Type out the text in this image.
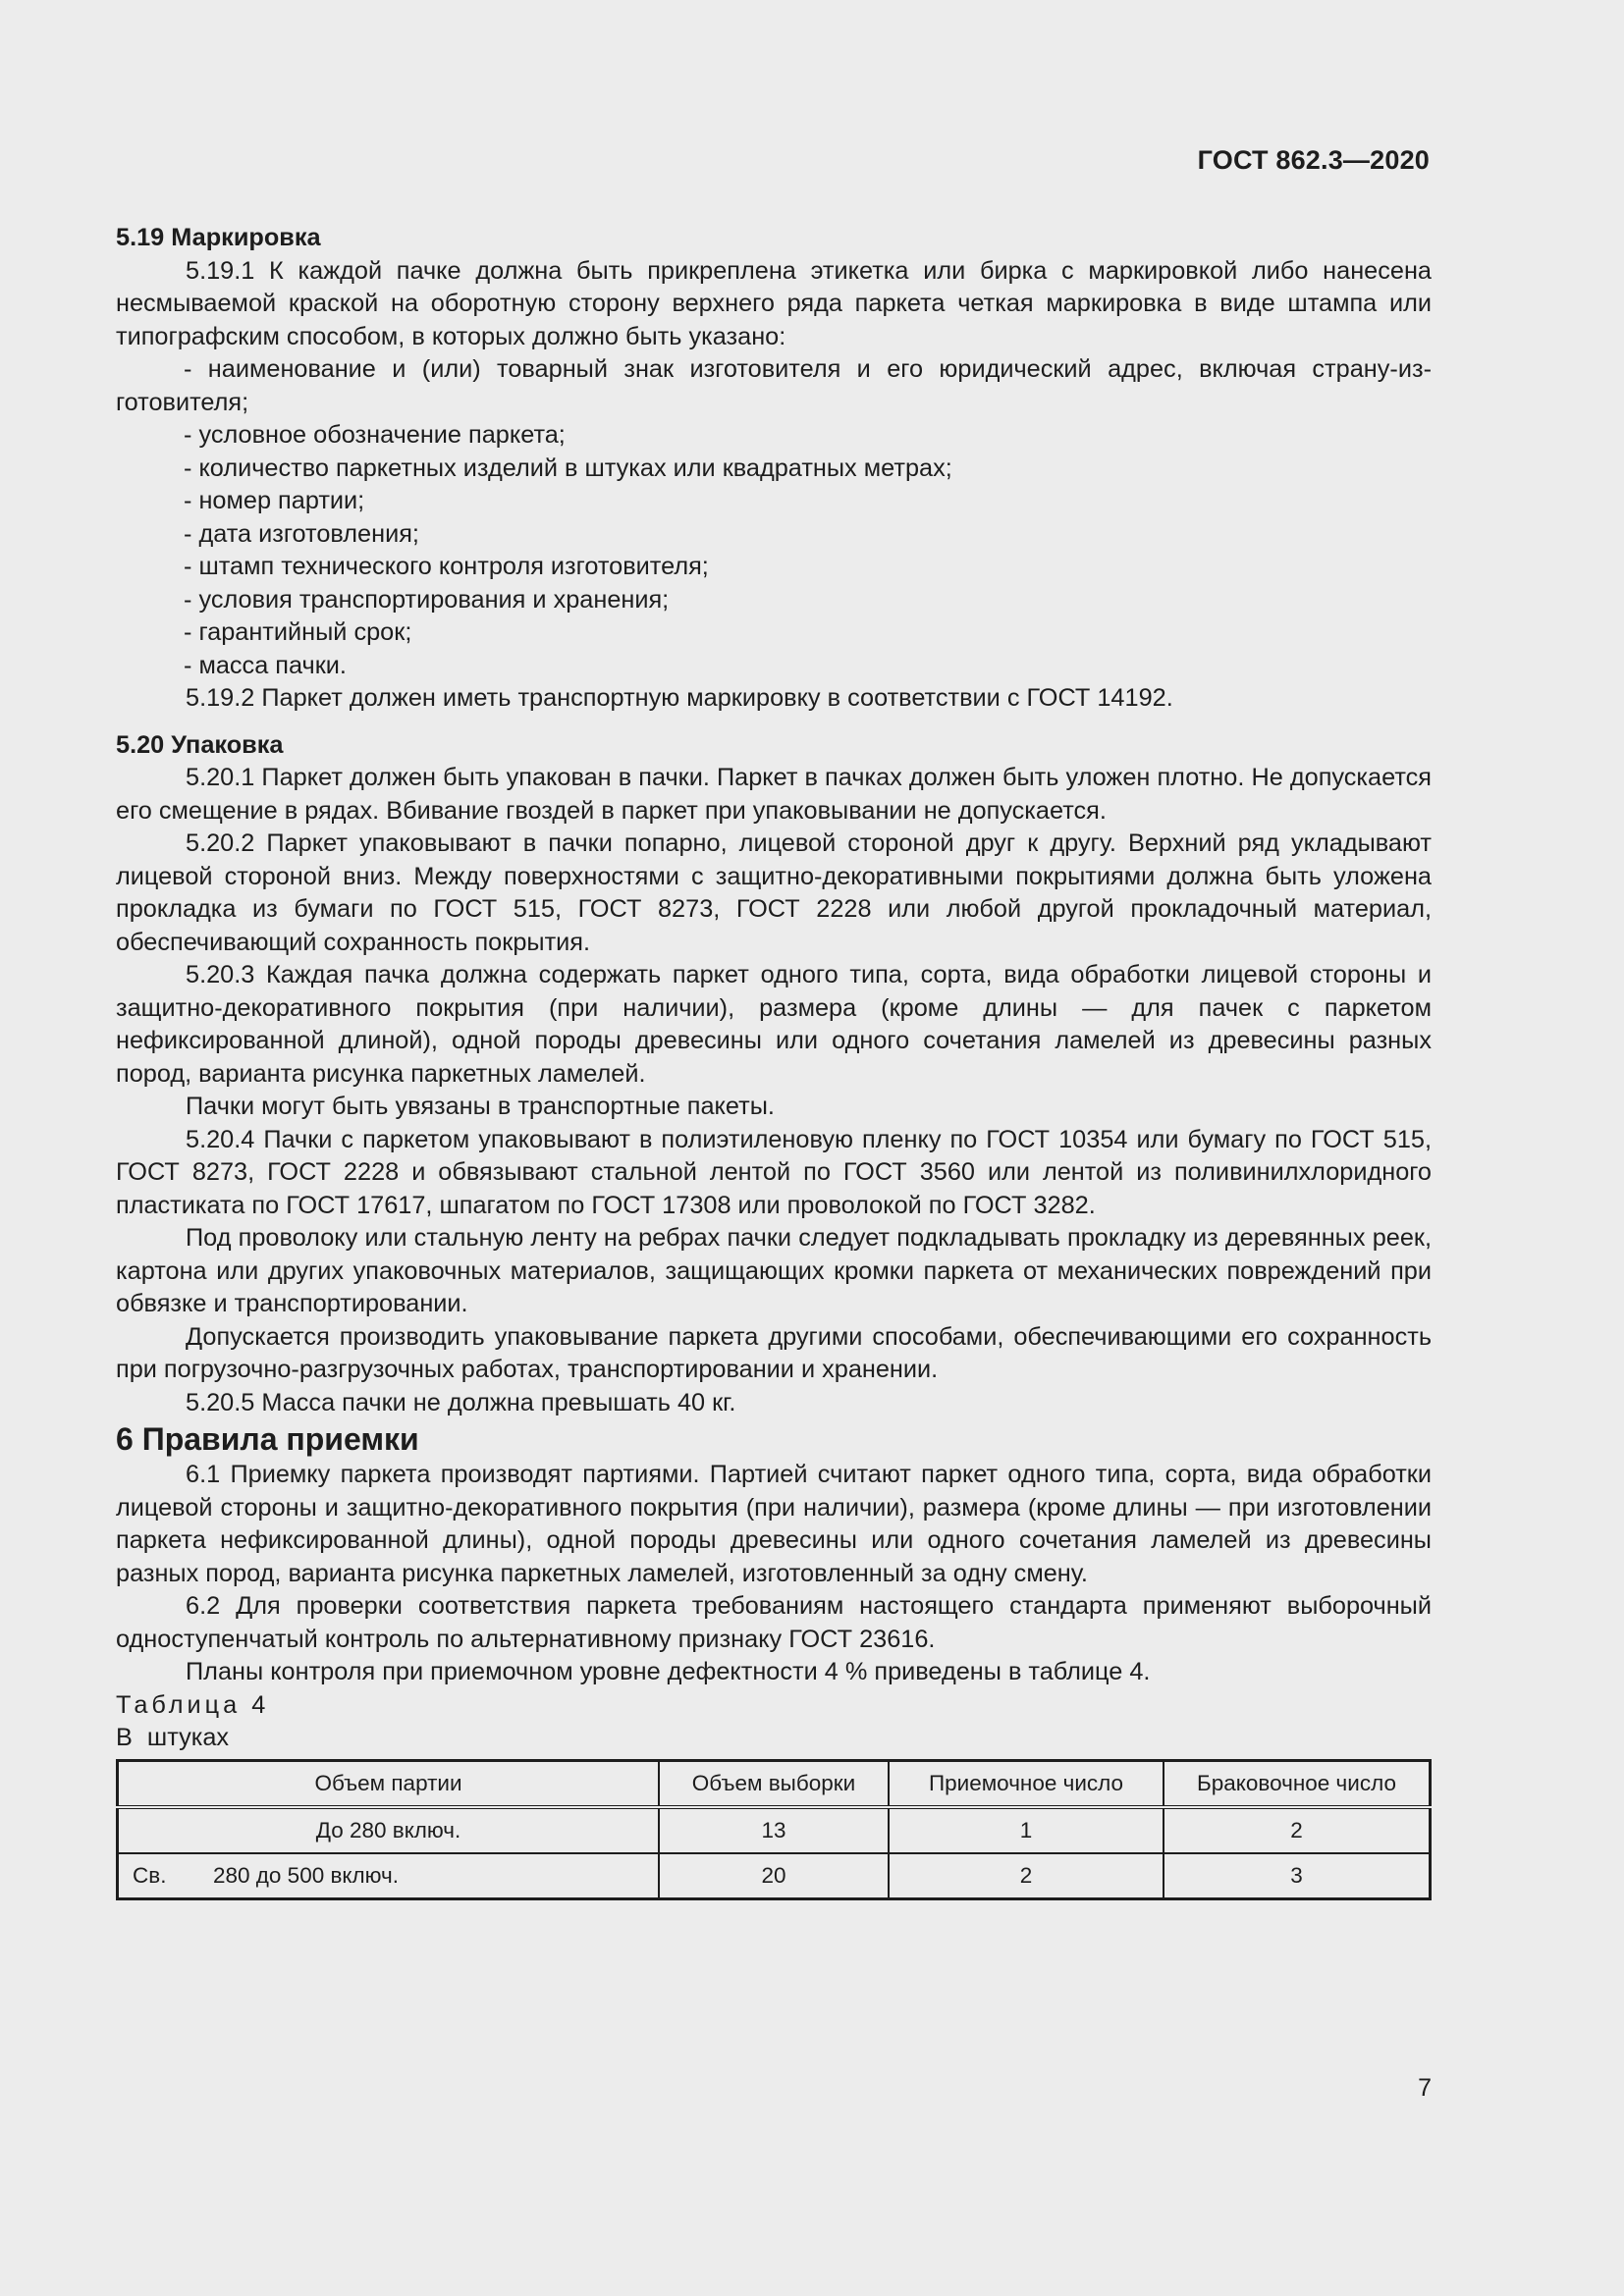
ГОСТ 862.3—2020

5.19 Маркировка

5.19.1 К каждой пачке должна быть прикреплена этикетка или бирка с маркировкой либо нанесена несмываемой краской на оборотную сторону верхнего ряда паркета четкая маркировка в виде штампа или типографским способом, в которых должно быть указано:

- наименование и (или) товарный знак изготовителя и его юридический адрес, включая страну-изготовителя;

- условное обозначение паркета;

- количество паркетных изделий в штуках или квадратных метрах;

- номер партии;

- дата изготовления;

- штамп технического контроля изготовителя;

- условия транспортирования и хранения;

- гарантийный срок;

- масса пачки.

5.19.2 Паркет должен иметь транспортную маркировку в соответствии с ГОСТ 14192.

5.20 Упаковка

5.20.1 Паркет должен быть упакован в пачки. Паркет в пачках должен быть уложен плотно. Не допускается его смещение в рядах. Вбивание гвоздей в паркет при упаковывании не допускается.

5.20.2 Паркет упаковывают в пачки попарно, лицевой стороной друг к другу. Верхний ряд укладывают лицевой стороной вниз. Между поверхностями с защитно-декоративными покрытиями должна быть уложена прокладка из бумаги по ГОСТ 515, ГОСТ 8273, ГОСТ 2228 или любой другой прокладочный материал, обеспечивающий сохранность покрытия.

5.20.3 Каждая пачка должна содержать паркет одного типа, сорта, вида обработки лицевой стороны и защитно-декоративного покрытия (при наличии), размера (кроме длины — для пачек с паркетом нефиксированной длиной), одной породы древесины или одного сочетания ламелей из древесины разных пород, варианта рисунка паркетных ламелей.

Пачки могут быть увязаны в транспортные пакеты.

5.20.4 Пачки с паркетом упаковывают в полиэтиленовую пленку по ГОСТ 10354 или бумагу по ГОСТ 515, ГОСТ 8273, ГОСТ 2228 и обвязывают стальной лентой по ГОСТ 3560 или лентой из поливинилхлоридного пластиката по ГОСТ 17617, шпагатом по ГОСТ 17308 или проволокой по ГОСТ 3282.

Под проволоку или стальную ленту на ребрах пачки следует подкладывать прокладку из деревянных реек, картона или других упаковочных материалов, защищающих кромки паркета от механических повреждений при обвязке и транспортировании.

Допускается производить упаковывание паркета другими способами, обеспечивающими его сохранность при погрузочно-разгрузочных работах, транспортировании и хранении.

5.20.5 Масса пачки не должна превышать 40 кг.

6 Правила приемки

6.1 Приемку паркета производят партиями. Партией считают паркет одного типа, сорта, вида обработки лицевой стороны и защитно-декоративного покрытия (при наличии), размера (кроме длины — при изготовлении паркета нефиксированной длины), одной породы древесины или одного сочетания ламелей из древесины разных пород, варианта рисунка паркетных ламелей, изготовленный за одну смену.

6.2 Для проверки соответствия паркета требованиям настоящего стандарта применяют выборочный одноступенчатый контроль по альтернативному признаку ГОСТ 23616.

Планы контроля при приемочном уровне дефектности 4 % приведены в таблице 4.

Таблица 4

В штуках

Объем партии	Объем выборки	Приемочное число	Браковочное число
До 280 включ.	13	1	2
Св. 280 до 500 включ.	20	2	3
7
